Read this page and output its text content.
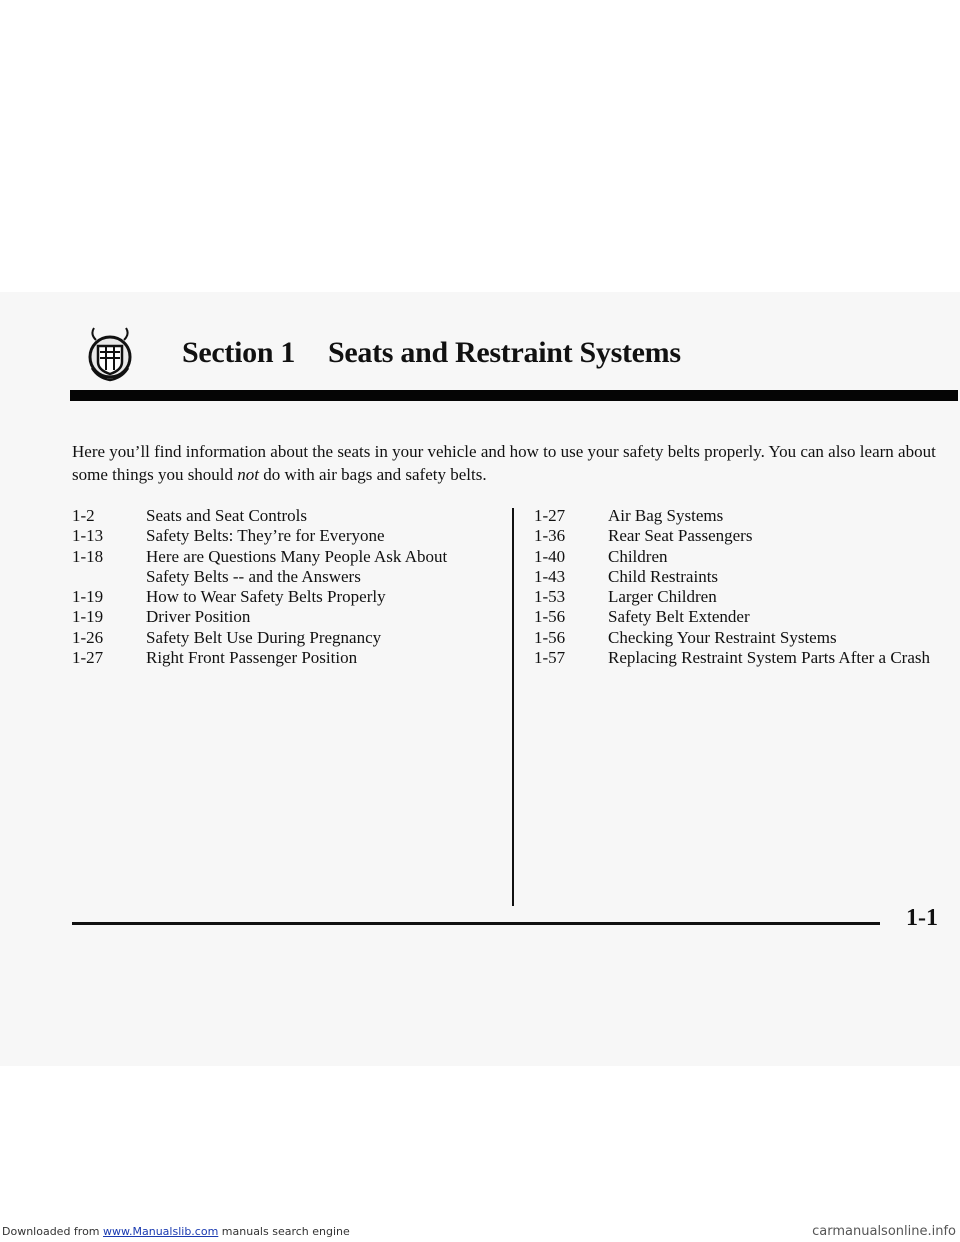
Section 1 Seats and Restraint Systems

Here you’ll find information about the seats in your vehicle and how to use your safety belts properly. You can also learn about some things you should not do with air bags and safety belts.

1-2	Seats and Seat Controls
1-13	Safety Belts: They’re for Everyone
1-18	Here are Questions Many People Ask About Safety Belts -- and the Answers
1-19	How to Wear Safety Belts Properly
1-19	Driver Position
1-26	Safety Belt Use During Pregnancy
1-27	Right Front Passenger Position
1-27	Air Bag Systems
1-36	Rear Seat Passengers
1-40	Children
1-43	Child Restraints
1-53	Larger Children
1-56	Safety Belt Extender
1-56	Checking Your Restraint Systems
1-57	Replacing Restraint System Parts After a Crash
1-1
Downloaded from www.Manualslib.com manuals search engine	carmanualsonline.info
